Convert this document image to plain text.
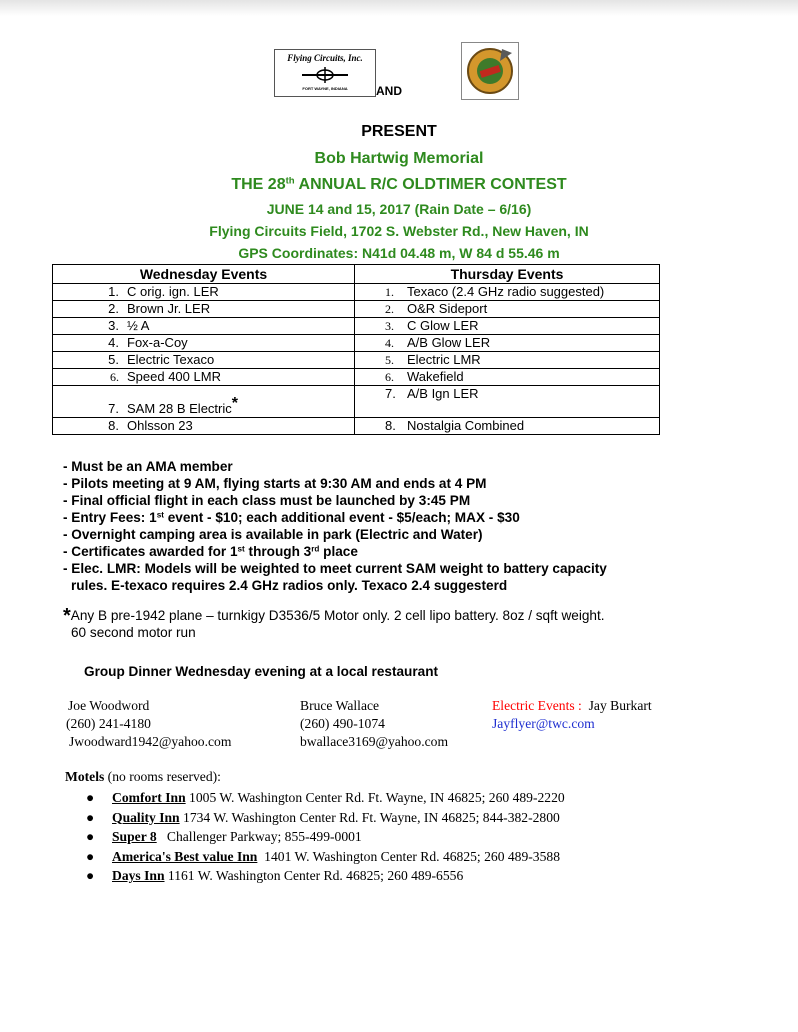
Flying Circuits, Inc.
FORT WAYNE, INDIANA	AND
PRESENT
Bob Hartwig Memorial
THE 28th ANNUAL R/C OLDTIMER CONTEST
JUNE 14 and 15, 2017 (Rain Date – 6/16)
Flying Circuits Field, 1702 S. Webster Rd., New Haven, IN
GPS Coordinates: N41d 04.48 m, W 84 d 55.46 m
Wednesday Events	Thursday Events
1. C orig. ign. LER	1. Texaco (2.4 GHz radio suggested)
2. Brown Jr. LER	2. O&R Sideport
3. ½ A	3. C Glow LER
4. Fox-a-Coy	4. A/B Glow LER
5. Electric Texaco	5. Electric LMR
6. Speed 400 LMR	6. Wakefield
7. SAM 28 B Electric*	7. A/B Ign LER
8. Ohlsson 23	8. Nostalgia Combined
- Must be an AMA member
- Pilots meeting at 9 AM, flying starts at 9:30 AM and ends at 4 PM
- Final official flight in each class must be launched by 3:45 PM
- Entry Fees: 1st event - $10; each additional event - $5/each; MAX - $30
- Overnight camping area is available in park (Electric and Water)
- Certificates awarded for 1st through 3rd place
- Elec. LMR: Models will be weighted to meet current SAM weight to battery capacity
rules. E-texaco requires 2.4 GHz radios only. Texaco 2.4 suggesterd
*Any B pre-1942 plane – turnkigy D3536/5 Motor only. 2 cell lipo battery. 8oz / sqft weight.
60 second motor run
Group Dinner Wednesday evening at a local restaurant
Joe Woodword
(260) 241-4180
Jwoodward1942@yahoo.com
Bruce Wallace
(260) 490-1074
bwallace3169@yahoo.com
Electric Events : Jay Burkart
Jayflyer@twc.com
Motels (no rooms reserved):
● Comfort Inn 1005 W. Washington Center Rd. Ft. Wayne, IN 46825; 260 489-2220
● Quality Inn 1734 W. Washington Center Rd. Ft. Wayne, IN 46825; 844-382-2800
● Super 8 Challenger Parkway; 855-499-0001
● America's Best value Inn 1401 W. Washington Center Rd. 46825; 260 489-3588
● Days Inn 1161 W. Washington Center Rd. 46825; 260 489-6556
